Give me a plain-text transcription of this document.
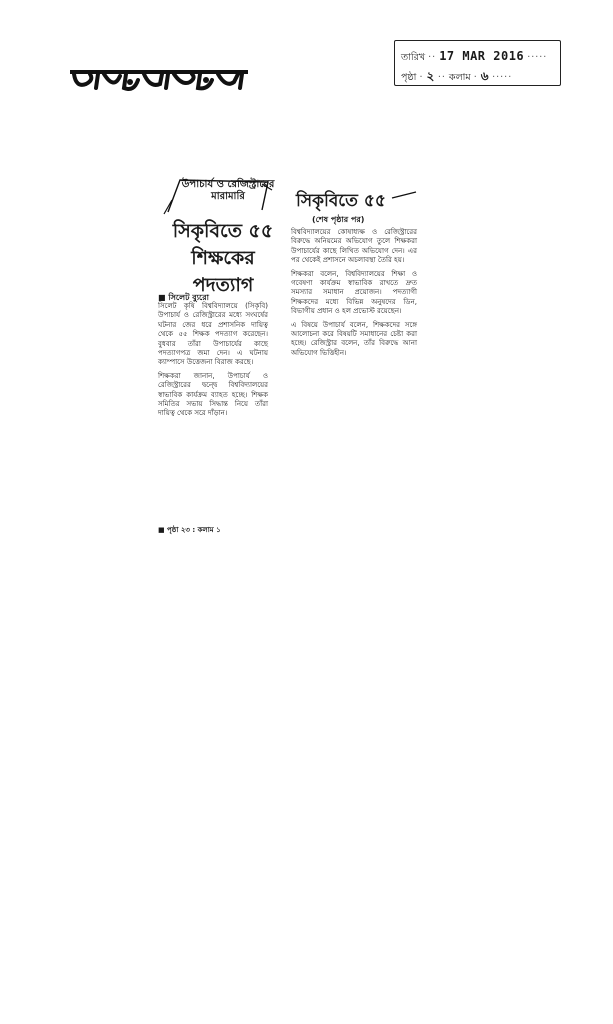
তারিখ ·· 17 MAR 2016 ·····
পৃষ্ঠা · ২ ·· কলাম · ৬ ·····
উপাচার্য ও রেজিস্ট্রারের মারামারি
সিকৃবিতে ৫৫ শিক্ষকের পদত্যাগ
■ সিলেট ব্যুরো
সিলেট কৃষি বিশ্ববিদ্যালয়ে (সিকৃবি) উপাচার্য ও রেজিস্ট্রারের মধ্যে সংঘর্ষের ঘটনার জের ধরে প্রশাসনিক দায়িত্ব থেকে ৫৫ শিক্ষক পদত্যাগ করেছেন। বুধবার তাঁরা উপাচার্যের কাছে পদত্যাগপত্র জমা দেন। এ ঘটনায় ক্যাম্পাসে উত্তেজনা বিরাজ করছে।
শিক্ষকরা জানান, উপাচার্য ও রেজিস্ট্রারের দ্বন্দ্বে বিশ্ববিদ্যালয়ের স্বাভাবিক কার্যক্রম ব্যাহত হচ্ছে। শিক্ষক সমিতির সভায় সিদ্ধান্ত নিয়ে তাঁরা দায়িত্ব থেকে সরে দাঁড়ান।
■ পৃষ্ঠা ২৩ : কলাম ১
সিকৃবিতে ৫৫
(শেষ পৃষ্ঠার পর)
বিশ্ববিদ্যালয়ের কোষাধ্যক্ষ ও রেজিস্ট্রারের বিরুদ্ধে অনিয়মের অভিযোগ তুলে শিক্ষকরা উপাচার্যের কাছে লিখিত অভিযোগ দেন। এর পর থেকেই প্রশাসনে অচলাবস্থা তৈরি হয়।
শিক্ষকরা বলেন, বিশ্ববিদ্যালয়ের শিক্ষা ও গবেষণা কার্যক্রম স্বাভাবিক রাখতে দ্রুত সমস্যার সমাধান প্রয়োজন। পদত্যাগী শিক্ষকদের মধ্যে বিভিন্ন অনুষদের ডিন, বিভাগীয় প্রধান ও হল প্রভোস্ট রয়েছেন।
এ বিষয়ে উপাচার্য বলেন, শিক্ষকদের সঙ্গে আলোচনা করে বিষয়টি সমাধানের চেষ্টা করা হচ্ছে। রেজিস্ট্রার বলেন, তাঁর বিরুদ্ধে আনা অভিযোগ ভিত্তিহীন।
